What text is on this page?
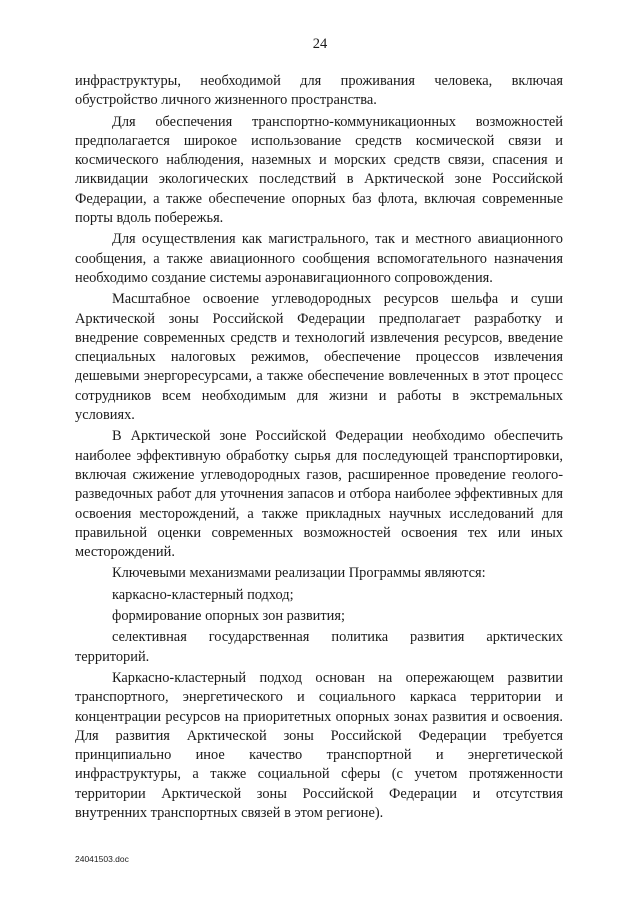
24

инфраструктуры, необходимой для проживания человека, включая обустройство личного жизненного пространства.

Для обеспечения транспортно-коммуникационных возможностей предполагается широкое использование средств космической связи и космического наблюдения, наземных и морских средств связи, спасения и ликвидации экологических последствий в Арктической зоне Российской Федерации, а также обеспечение опорных баз флота, включая современные порты вдоль побережья.

Для осуществления как магистрального, так и местного авиационного сообщения, а также авиационного сообщения вспомогательного назначения необходимо создание системы аэронавигационного сопровождения.

Масштабное освоение углеводородных ресурсов шельфа и суши Арктической зоны Российской Федерации предполагает разработку и внедрение современных средств и технологий извлечения ресурсов, введение специальных налоговых режимов, обеспечение процессов извлечения дешевыми энергоресурсами, а также обеспечение вовлеченных в этот процесс сотрудников всем необходимым для жизни и работы в экстремальных условиях.

В Арктической зоне Российской Федерации необходимо обеспечить наиболее эффективную обработку сырья для последующей транспортировки, включая сжижение углеводородных газов, расширенное проведение геолого-разведочных работ для уточнения запасов и отбора наиболее эффективных для освоения месторождений, а также прикладных научных исследований для правильной оценки современных возможностей освоения тех или иных месторождений.

Ключевыми механизмами реализации Программы являются:

каркасно-кластерный подход;

формирование опорных зон развития;

селективная государственная политика развития арктических территорий.

Каркасно-кластерный подход основан на опережающем развитии транспортного, энергетического и социального каркаса территории и концентрации ресурсов на приоритетных опорных зонах развития и освоения. Для развития Арктической зоны Российской Федерации требуется принципиально иное качество транспортной и энергетической инфраструктуры, а также социальной сферы (с учетом протяженности территории Арктической зоны Российской Федерации и отсутствия внутренних транспортных связей в этом регионе).

24041503.doc
